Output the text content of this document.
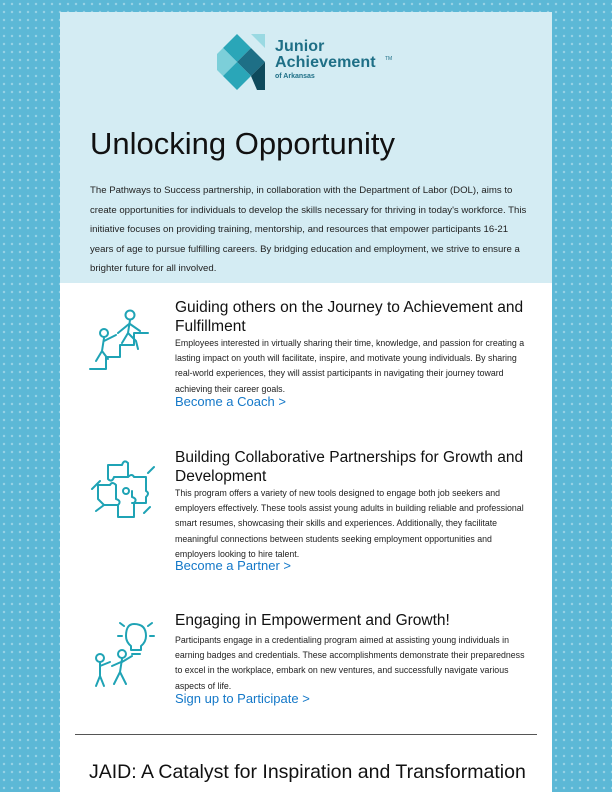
Junior
Achievement TM
of Arkansas
Unlocking Opportunity
The Pathways to Success partnership, in collaboration with the Department of Labor (DOL), aims to create opportunities for individuals to develop the skills necessary for thriving in today's workforce. This initiative focuses on providing training, mentorship, and resources that empower participants 16-21 years of age to pursue fulfilling careers. By bridging education and employment, we strive to ensure a brighter future for all involved.
Guiding others on the Journey to Achievement and Fulfillment
Employees interested in virtually sharing their time, knowledge, and passion for creating a lasting impact on youth will facilitate, inspire, and motivate young individuals. By sharing real-world experiences, they will assist participants in navigating their journey toward achieving their career goals.
Become a Coach >
Building Collaborative Partnerships for Growth and Development
This program offers a variety of new tools designed to engage both job seekers and employers effectively. These tools assist young adults in building reliable and professional smart resumes, showcasing their skills and experiences. Additionally, they facilitate meaningful connections between students seeking employment opportunities and employers looking to hire talent.
Become a Partner >
Engaging in Empowerment and Growth!
Participants engage in a credentialing program aimed at assisting young individuals in earning badges and credentials. These accomplishments demonstrate their preparedness to excel in the workplace, embark on new ventures, and successfully navigate various aspects of life.
Sign up to Participate >
JAID: A Catalyst for Inspiration and Transformation
